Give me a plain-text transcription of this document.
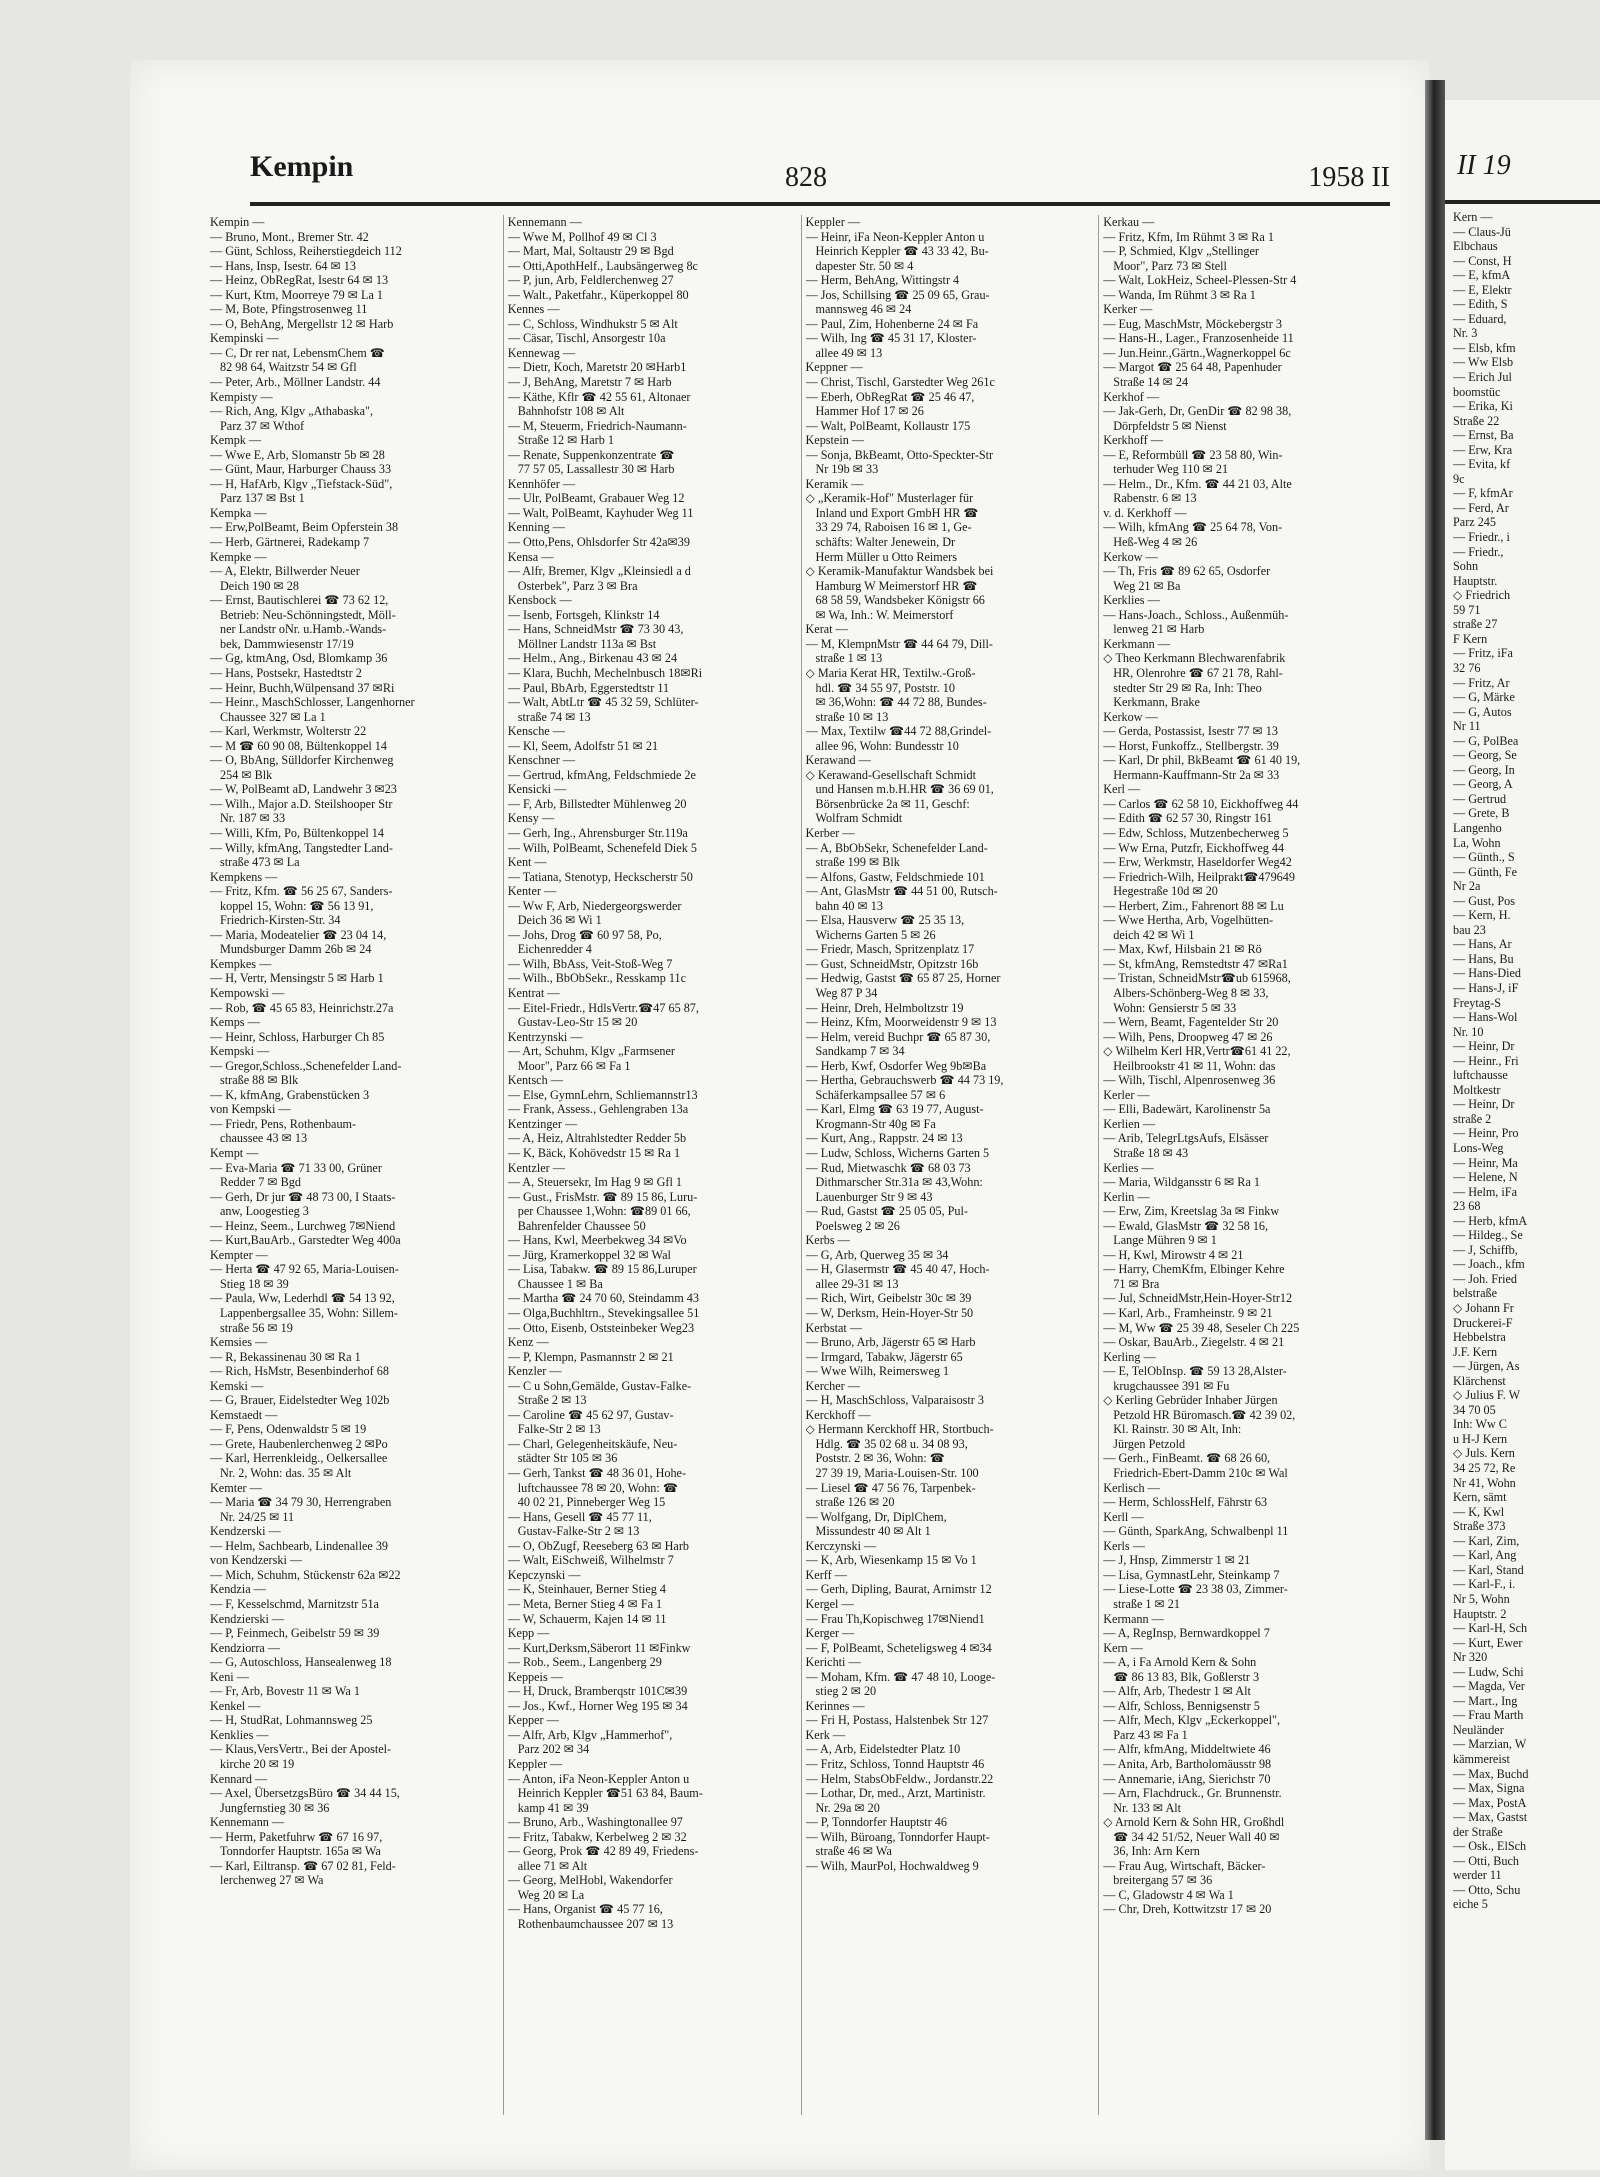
Kempin	828	1958 II
Kempin —
— Bruno, Mont., Bremer Str. 42
— Günt, Schloss, Reiherstiegdeich 112
— Hans, Insp, Isestr. 64 ✉ 13
— Heinz, ObRegRat, Isestr 64 ✉ 13
— Kurt, Ktm, Moorreye 79 ✉ La 1
— M, Bote, Pfingstrosenweg 11
— O, BehAng, Mergellstr 12 ✉ Harb
Kempinski —
— C, Dr rer nat, LebensmChem ☎
82 98 64, Waitzstr 54 ✉ Gfl
— Peter, Arb., Möllner Landstr. 44
Kempisty —
— Rich, Ang, Klgv „Athabaska",
Parz 37 ✉ Wthof
Kempk —
— Wwe E, Arb, Slomanstr 5b ✉ 28
— Günt, Maur, Harburger Chauss 33
— H, HafArb, Klgv „Tiefstack-Süd",
Parz 137 ✉ Bst 1
Kempka —
— Erw,PolBeamt, Beim Opferstein 38
— Herb, Gärtnerei, Radekamp 7
Kempke —
— A, Elektr, Billwerder Neuer
Deich 190 ✉ 28
— Ernst, Bautischlerei ☎ 73 62 12,
Betrieb: Neu-Schönningstedt, Möll-
ner Landstr oNr. u.Hamb.-Wands-
bek, Dammwiesenstr 17/19
— Gg, ktmAng, Osd, Blomkamp 36
— Hans, Postsekr, Hastedtstr 2
— Heinr, Buchh,Wülpensand 37 ✉Ri
— Heinr., MaschSchlosser, Langenhorner
Chaussee 327 ✉ La 1
— Karl, Werkmstr, Wolterstr 22
— M ☎ 60 90 08, Bültenkoppel 14
— O, BbAng, Sülldorfer Kirchenweg
254 ✉ Blk
— W, PolBeamt aD, Landwehr 3 ✉23
— Wilh., Major a.D. Steilshooper Str
Nr. 187 ✉ 33
— Willi, Kfm, Po, Bültenkoppel 14
— Willy, kfmAng, Tangstedter Land-
straße 473 ✉ La
Kempkens —
— Fritz, Kfm. ☎ 56 25 67, Sanders-
koppel 15, Wohn: ☎ 56 13 91,
Friedrich-Kirsten-Str. 34
— Maria, Modeatelier ☎ 23 04 14,
Mundsburger Damm 26b ✉ 24
Kempkes —
— H, Vertr, Mensingstr 5 ✉ Harb 1
Kempowski —
— Rob, ☎ 45 65 83, Heinrichstr.27a
Kemps —
— Heinr, Schloss, Harburger Ch 85
Kempski —
— Gregor,Schloss.,Schenefelder Land-
straße 88 ✉ Blk
— K, kfmAng, Grabenstücken 3
von Kempski —
— Friedr, Pens, Rothenbaum-
chaussee 43 ✉ 13
Kempt —
— Eva-Maria ☎ 71 33 00, Grüner
Redder 7 ✉ Bgd
— Gerh, Dr jur ☎ 48 73 00, I Staats-
anw, Loogestieg 3
— Heinz, Seem., Lurchweg 7✉Niend
— Kurt,BauArb., Garstedter Weg 400a
Kempter —
— Herta ☎ 47 92 65, Maria-Louisen-
Stieg 18 ✉ 39
— Paula, Ww, Lederhdl ☎ 54 13 92,
Lappenbergsallee 35, Wohn: Sillem-
straße 56 ✉ 19
Kemsies —
— R, Bekassinenau 30 ✉ Ra 1
— Rich, HsMstr, Besenbinderhof 68
Kemski —
— G, Brauer, Eidelstedter Weg 102b
Kemstaedt —
— F, Pens, Odenwaldstr 5 ✉ 19
— Grete, Haubenlerchenweg 2 ✉Po
— Karl, Herrenkleidg., Oelkersallee
Nr. 2, Wohn: das. 35 ✉ Alt
Kemter —
— Maria ☎ 34 79 30, Herrengraben
Nr. 24/25 ✉ 11
Kendzerski —
— Helm, Sachbearb, Lindenallee 39
von Kendzerski —
— Mich, Schuhm, Stückenstr 62a ✉22
Kendzia —
— F, Kesselschmd, Marnitzstr 51a
Kendzierski —
— P, Feinmech, Geibelstr 59 ✉ 39
Kendziorra —
— G, Autoschloss, Hansealenweg 18
Keni —
— Fr, Arb, Bovestr 11 ✉ Wa 1
Kenkel —
— H, StudRat, Lohmannsweg 25
Kenklies —
— Klaus,VersVertr., Bei der Apostel-
kirche 20 ✉ 19
Kennard —
— Axel, ÜbersetzgsBüro ☎ 34 44 15,
Jungfernstieg 30 ✉ 36
Kennemann —
— Herm, Paketfuhrw ☎ 67 16 97,
Tonndorfer Hauptstr. 165a ✉ Wa
— Karl, Eiltransp. ☎ 67 02 81, Feld-
lerchenweg 27 ✉ Wa
Kennemann —
— Wwe M, Pollhof 49 ✉ Cl 3
— Mart, Mal, Soltaustr 29 ✉ Bgd
— Otti,ApothHelf., Laubsängerweg 8c
— P, jun, Arb, Feldlerchenweg 27
— Walt., Paketfahr., Küperkoppel 80
Kennes —
— C, Schloss, Windhukstr 5 ✉ Alt
— Cäsar, Tischl, Ansorgestr 10a
Kennewag —
— Dietr, Koch, Maretstr 20 ✉Harb1
— J, BehAng, Maretstr 7 ✉ Harb
— Käthe, Kflr ☎ 42 55 61, Altonaer
Bahnhofstr 108 ✉ Alt
— M, Steuerm, Friedrich-Naumann-
Straße 12 ✉ Harb 1
— Renate, Suppenkonzentrate ☎
77 57 05, Lassallestr 30 ✉ Harb
Kennhöfer —
— Ulr, PolBeamt, Grabauer Weg 12
— Walt, PolBeamt, Kayhuder Weg 11
Kenning —
— Otto,Pens, Ohlsdorfer Str 42a✉39
Kensa —
— Alfr, Bremer, Klgv „Kleinsiedl a d
Osterbek", Parz 3 ✉ Bra
Kensbock —
— Isenb, Fortsgeh, Klinkstr 14
— Hans, SchneidMstr ☎ 73 30 43,
Möllner Landstr 113a ✉ Bst
— Helm., Ang., Birkenau 43 ✉ 24
— Klara, Buchh, Mechelnbusch 18✉Ri
— Paul, BbArb, Eggerstedtstr 11
— Walt, AbtLtr ☎ 45 32 59, Schlüter-
straße 74 ✉ 13
Kensche —
— Kl, Seem, Adolfstr 51 ✉ 21
Kenschner —
— Gertrud, kfmAng, Feldschmiede 2e
Kensicki —
— F, Arb, Billstedter Mühlenweg 20
Kensy —
— Gerh, Ing., Ahrensburger Str.119a
— Wilh, PolBeamt, Schenefeld Diek 5
Kent —
— Tatiana, Stenotyp, Heckscherstr 50
Kenter —
— Ww F, Arb, Niedergeorgswerder
Deich 36 ✉ Wi 1
— Johs, Drog ☎ 60 97 58, Po,
Eichenredder 4
— Wilh, BbAss, Veit-Stoß-Weg 7
— Wilh., BbObSekr., Resskamp 11c
Kentrat —
— Eitel-Friedr., HdlsVertr.☎47 65 87,
Gustav-Leo-Str 15 ✉ 20
Kentrzynski —
— Art, Schuhm, Klgv „Farmsener
Moor", Parz 66 ✉ Fa 1
Kentsch —
— Else, GymnLehrn, Schliemannstr13
— Frank, Assess., Gehlengraben 13a
Kentzinger —
— A, Heiz, Altrahlstedter Redder 5b
— K, Bäck, Kohövedstr 15 ✉ Ra 1
Kentzler —
— A, Steuersekr, Im Hag 9 ✉ Gfl 1
— Gust., FrisMstr. ☎ 89 15 86, Luru-
per Chaussee 1,Wohn: ☎89 01 66,
Bahrenfelder Chaussee 50
— Hans, Kwl, Meerbekweg 34 ✉Vo
— Jürg, Kramerkoppel 32 ✉ Wal
— Lisa, Tabakw. ☎ 89 15 86,Luruper
Chaussee 1 ✉ Ba
— Martha ☎ 24 70 60, Steindamm 43
— Olga,Buchhltrn., Stevekingsallee 51
— Otto, Eisenb, Oststeinbeker Weg23
Kenz —
— P, Klempn, Pasmannstr 2 ✉ 21
Kenzler —
— C u Sohn,Gemälde, Gustav-Falke-
Straße 2 ✉ 13
— Caroline ☎ 45 62 97, Gustav-
Falke-Str 2 ✉ 13
— Charl, Gelegenheitskäufe, Neu-
städter Str 105 ✉ 36
— Gerh, Tankst ☎ 48 36 01, Hohe-
luftchaussee 78 ✉ 20, Wohn: ☎
40 02 21, Pinneberger Weg 15
— Hans, Gesell ☎ 45 77 11,
Gustav-Falke-Str 2 ✉ 13
— O, ObZugf, Reeseberg 63 ✉ Harb
— Walt, EiSchweiß, Wilhelmstr 7
Kepczynski —
— K, Steinhauer, Berner Stieg 4
— Meta, Berner Stieg 4 ✉ Fa 1
— W, Schauerm, Kajen 14 ✉ 11
Kepp —
— Kurt,Derksm,Säberort 11 ✉Finkw
— Rob., Seem., Langenberg 29
Keppeis —
— H, Druck, Bramberqstr 101C✉39
— Jos., Kwf., Horner Weg 195 ✉ 34
Kepper —
— Alfr, Arb, Klgv „Hammerhof",
Parz 202 ✉ 34
Keppler —
— Anton, iFa Neon-Keppler Anton u
Heinrich Keppler ☎51 63 84, Baum-
kamp 41 ✉ 39
— Bruno, Arb., Washingtonallee 97
— Fritz, Tabakw, Kerbelweg 2 ✉ 32
— Georg, Prok ☎ 42 89 49, Friedens-
allee 71 ✉ Alt
— Georg, MelHobl, Wakendorfer
Weg 20 ✉ La
— Hans, Organist ☎ 45 77 16,
Rothenbaumchaussee 207 ✉ 13
Keppler —
— Heinr, iFa Neon-Keppler Anton u
Heinrich Keppler ☎ 43 33 42, Bu-
dapester Str. 50 ✉ 4
— Herm, BehAng, Wittingstr 4
— Jos, Schillsing ☎ 25 09 65, Grau-
mannsweg 46 ✉ 24
— Paul, Zim, Hohenberne 24 ✉ Fa
— Wilh, Ing ☎ 45 31 17, Kloster-
allee 49 ✉ 13
Keppner —
— Christ, Tischl, Garstedter Weg 261c
— Eberh, ObRegRat ☎ 25 46 47,
Hammer Hof 17 ✉ 26
— Walt, PolBeamt, Kollaustr 175
Kepstein —
— Sonja, BkBeamt, Otto-Speckter-Str
Nr 19b ✉ 33
Keramik —
◇ „Keramik-Hof" Musterlager für
Inland und Export GmbH HR ☎
33 29 74, Raboisen 16 ✉ 1, Ge-
schäfts: Walter Jenewein, Dr
Herm Müller u Otto Reimers
◇ Keramik-Manufaktur Wandsbek bei
Hamburg W Meimerstorf HR ☎
68 58 59, Wandsbeker Königstr 66
✉ Wa, Inh.: W. Meimerstorf
Kerat —
— M, KlempnMstr ☎ 44 64 79, Dill-
straße 1 ✉ 13
◇ Maria Kerat HR, Textilw.-Groß-
hdl. ☎ 34 55 97, Poststr. 10
✉ 36,Wohn: ☎ 44 72 88, Bundes-
straße 10 ✉ 13
— Max, Textilw ☎44 72 88,Grindel-
allee 96, Wohn: Bundesstr 10
Kerawand —
◇ Kerawand-Gesellschaft Schmidt
und Hansen m.b.H.HR ☎ 36 69 01,
Börsenbrücke 2a ✉ 11, Geschf:
Wolfram Schmidt
Kerber —
— A, BbObSekr, Schenefelder Land-
straße 199 ✉ Blk
— Alfons, Gastw, Feldschmiede 101
— Ant, GlasMstr ☎ 44 51 00, Rutsch-
bahn 40 ✉ 13
— Elsa, Hausverw ☎ 25 35 13,
Wicherns Garten 5 ✉ 26
— Friedr, Masch, Spritzenplatz 17
— Gust, SchneidMstr, Opitzstr 16b
— Hedwig, Gastst ☎ 65 87 25, Horner
Weg 87 P 34
— Heinr, Dreh, Helmboltzstr 19
— Heinz, Kfm, Moorweidenstr 9 ✉ 13
— Helm, vereid Buchpr ☎ 65 87 30,
Sandkamp 7 ✉ 34
— Herb, Kwf, Osdorfer Weg 9b✉Ba
— Hertha, Gebrauchswerb ☎ 44 73 19,
Schäferkampsallee 57 ✉ 6
— Karl, Elmg ☎ 63 19 77, August-
Krogmann-Str 40g ✉ Fa
— Kurt, Ang., Rappstr. 24 ✉ 13
— Ludw, Schloss, Wicherns Garten 5
— Rud, Mietwaschk ☎ 68 03 73
Dithmarscher Str.31a ✉ 43,Wohn:
Lauenburger Str 9 ✉ 43
— Rud, Gastst ☎ 25 05 05, Pul-
Poelsweg 2 ✉ 26
Kerbs —
— G, Arb, Querweg 35 ✉ 34
— H, Glasermstr ☎ 45 40 47, Hoch-
allee 29-31 ✉ 13
— Rich, Wirt, Geibelstr 30c ✉ 39
— W, Derksm, Hein-Hoyer-Str 50
Kerbstat —
— Bruno, Arb, Jägerstr 65 ✉ Harb
— Irmgard, Tabakw, Jägerstr 65
— Wwe Wilh, Reimersweg 1
Kercher —
— H, MaschSchloss, Valparaisostr 3
Kerckhoff —
◇ Hermann Kerckhoff HR, Stortbuch-
Hdlg. ☎ 35 02 68 u. 34 08 93,
Poststr. 2 ✉ 36, Wohn: ☎
27 39 19, Maria-Louisen-Str. 100
— Liesel ☎ 47 56 76, Tarpenbek-
straße 126 ✉ 20
— Wolfgang, Dr, DiplChem,
Missundestr 40 ✉ Alt 1
Kerczynski —
— K, Arb, Wiesenkamp 15 ✉ Vo 1
Kerff —
— Gerh, Dipling, Baurat, Arnimstr 12
Kergel —
— Frau Th,Kopischweg 17✉Niend1
Kerger —
— F, PolBeamt, Scheteligsweg 4 ✉34
Kerichti —
— Moham, Kfm. ☎ 47 48 10, Looge-
stieg 2 ✉ 20
Kerinnes —
— Fri H, Postass, Halstenbek Str 127
Kerk —
— A, Arb, Eidelstedter Platz 10
— Fritz, Schloss, Tonnd Hauptstr 46
— Helm, StabsObFeldw., Jordanstr.22
— Lothar, Dr, med., Arzt, Martinistr.
Nr. 29a ✉ 20
— P, Tonndorfer Hauptstr 46
— Wilh, Büroang, Tonndorfer Haupt-
straße 46 ✉ Wa
— Wilh, MaurPol, Hochwaldweg 9
Kerkau —
— Fritz, Kfm, Im Rühmt 3 ✉ Ra 1
— P, Schmied, Klgv „Stellinger
Moor", Parz 73 ✉ Stell
— Walt, LokHeiz, Scheel-Plessen-Str 4
— Wanda, Im Rühmt 3 ✉ Ra 1
Kerker —
— Eug, MaschMstr, Möckebergstr 3
— Hans-H., Lager., Franzosenheide 11
— Jun.Heinr.,Gärtn.,Wagnerkoppel 6c
— Margot ☎ 25 64 48, Papenhuder
Straße 14 ✉ 24
Kerkhof —
— Jak-Gerh, Dr, GenDir ☎ 82 98 38,
Dörpfeldstr 5 ✉ Nienst
Kerkhoff —
— E, Reformbüll ☎ 23 58 80, Win-
terhuder Weg 110 ✉ 21
— Helm., Dr., Kfm. ☎ 44 21 03, Alte
Rabenstr. 6 ✉ 13
v. d. Kerkhoff —
— Wilh, kfmAng ☎ 25 64 78, Von-
Heß-Weg 4 ✉ 26
Kerkow —
— Th, Fris ☎ 89 62 65, Osdorfer
Weg 21 ✉ Ba
Kerklies —
— Hans-Joach., Schloss., Außenmüh-
lenweg 21 ✉ Harb
Kerkmann —
◇ Theo Kerkmann Blechwarenfabrik
HR, Olenrohre ☎ 67 21 78, Rahl-
stedter Str 29 ✉ Ra, Inh: Theo
Kerkmann, Brake
Kerkow —
— Gerda, Postassist, Isestr 77 ✉ 13
— Horst, Funkoffz., Stellbergstr. 39
— Karl, Dr phil, BkBeamt ☎ 61 40 19,
Hermann-Kauffmann-Str 2a ✉ 33
Kerl —
— Carlos ☎ 62 58 10, Eickhoffweg 44
— Edith ☎ 62 57 30, Ringstr 161
— Edw, Schloss, Mutzenbecherweg 5
— Ww Erna, Putzfr, Eickhoffweg 44
— Erw, Werkmstr, Haseldorfer Weg42
— Friedrich-Wilh, Heilprakt☎479649
Hegestraße 10d ✉ 20
— Herbert, Zim., Fahrenort 88 ✉ Lu
— Wwe Hertha, Arb, Vogelhütten-
deich 42 ✉ Wi 1
— Max, Kwf, Hilsbain 21 ✉ Rö
— St, kfmAng, Remstedtstr 47 ✉Ra1
— Tristan, SchneidMstr☎ub 615968,
Albers-Schönberg-Weg 8 ✉ 33,
Wohn: Gensierstr 5 ✉ 33
— Wern, Beamt, Fagentelder Str 20
— Wilh, Pens, Droopweg 47 ✉ 26
◇ Wilhelm Kerl HR,Vertr☎61 41 22,
Heilbrookstr 41 ✉ 11, Wohn: das
— Wilh, Tischl, Alpenrosenweg 36
Kerler —
— Elli, Badewärt, Karolinenstr 5a
Kerlien —
— Arib, TelegrLtgsAufs, Elsässer
Straße 18 ✉ 43
Kerlies —
— Maria, Wildgansstr 6 ✉ Ra 1
Kerlin —
— Erw, Zim, Kreetslag 3a ✉ Finkw
— Ewald, GlasMstr ☎ 32 58 16,
Lange Mühren 9 ✉ 1
— H, Kwl, Mirowstr 4 ✉ 21
— Harry, ChemKfm, Elbinger Kehre
71 ✉ Bra
— Jul, SchneidMstr,Hein-Hoyer-Str12
— Karl, Arb., Framheinstr. 9 ✉ 21
— M, Ww ☎ 25 39 48, Seseler Ch 225
— Oskar, BauArb., Ziegelstr. 4 ✉ 21
Kerling —
— E, TelObInsp. ☎ 59 13 28,Alster-
krugchaussee 391 ✉ Fu
◇ Kerling Gebrüder Inhaber Jürgen
Petzold HR Büromasch.☎ 42 39 02,
Kl. Rainstr. 30 ✉ Alt, Inh:
Jürgen Petzold
— Gerh., FinBeamt. ☎ 68 26 60,
Friedrich-Ebert-Damm 210c ✉ Wal
Kerlisch —
— Herm, SchlossHelf, Fährstr 63
Kerll —
— Günth, SparkAng, Schwalbenpl 11
Kerls —
— J, Hnsp, Zimmerstr 1 ✉ 21
— Lisa, GymnastLehr, Steinkamp 7
— Liese-Lotte ☎ 23 38 03, Zimmer-
straße 1 ✉ 21
Kermann —
— A, RegInsp, Bernwardkoppel 7
Kern —
— A, i Fa Arnold Kern & Sohn
☎ 86 13 83, Blk, Goßlerstr 3
— Alfr, Arb, Thedestr 1 ✉ Alt
— Alfr, Schloss, Bennigsenstr 5
— Alfr, Mech, Klgv „Eckerkoppel",
Parz 43 ✉ Fa 1
— Alfr, kfmAng, Middeltwiete 46
— Anita, Arb, Bartholomäusstr 98
— Annemarie, iAng, Sierichstr 70
— Arn, Flachdruck., Gr. Brunnenstr.
Nr. 133 ✉ Alt
◇ Arnold Kern & Sohn HR, Großhdl
☎ 34 42 51/52, Neuer Wall 40 ✉
36, Inh: Arn Kern
— Frau Aug, Wirtschaft, Bäcker-
breitergang 57 ✉ 36
— C, Gladowstr 4 ✉ Wa 1
— Chr, Dreh, Kottwitzstr 17 ✉ 20
II 19
Kern —
— Claus-Jü
Elbchaus
— Const, H
— E, kfmA
— E, Elektr
— Edith, S
— Eduard,
Nr. 3
— Elsb, kfm
— Ww Elsb
— Erich Jul
boomstüc
— Erika, Ki
Straße 22
— Ernst, Ba
— Erw, Kra
— Evita, kf
9c
— F, kfmAr
— Ferd, Ar
Parz 245
— Friedr., i
— Friedr.,
Sohn
Hauptstr.
◇ Friedrich
59 71
straße 27
F Kern
— Fritz, iFa
32 76
— Fritz, Ar
— G, Märke
— G, Autos
Nr 11
— G, PolBea
— Georg, Se
— Georg, In
— Georg, A
— Gertrud
— Grete, B
Langenho
La, Wohn
— Günth., S
— Günth, Fe
Nr 2a
— Gust, Pos
— Kern, H.
bau 23
— Hans, Ar
— Hans, Bu
— Hans-Died
— Hans-J, iF
Freytag-S
— Hans-Wol
Nr. 10
— Heinr, Dr
— Heinr., Fri
luftchausse
Moltkestr
— Heinr, Dr
straße 2
— Heinr, Pro
Lons-Weg
— Heinr, Ma
— Helene, N
— Helm, iFa
23 68
— Herb, kfmA
— Hildeg., Se
— J, Schiffb,
— Joach., kfm
— Joh. Fried
belstraße
◇ Johann Fr
Druckerei-F
Hebbelstra
J.F. Kern
— Jürgen, As
Klärchenst
◇ Julius F. W
34 70 05
Inh: Ww C
u H-J Kern
◇ Juls. Kern
34 25 72, Re
Nr 41, Wohn
Kern, sämt
— K, Kwl
Straße 373
— Karl, Zim,
— Karl, Ang
— Karl, Stand
— Karl-F., i.
Nr 5, Wohn
Hauptstr. 2
— Karl-H, Sch
— Kurt, Ewer
Nr 320
— Ludw, Schi
— Magda, Ver
— Mart., Ing
— Frau Marth
Neuländer
— Marzian, W
kämmereist
— Max, Buchd
— Max, Signa
— Max, PostA
— Max, Gastst
der Straße
— Osk., ElSch
— Otti, Buch
werder 11
— Otto, Schu
eiche 5
